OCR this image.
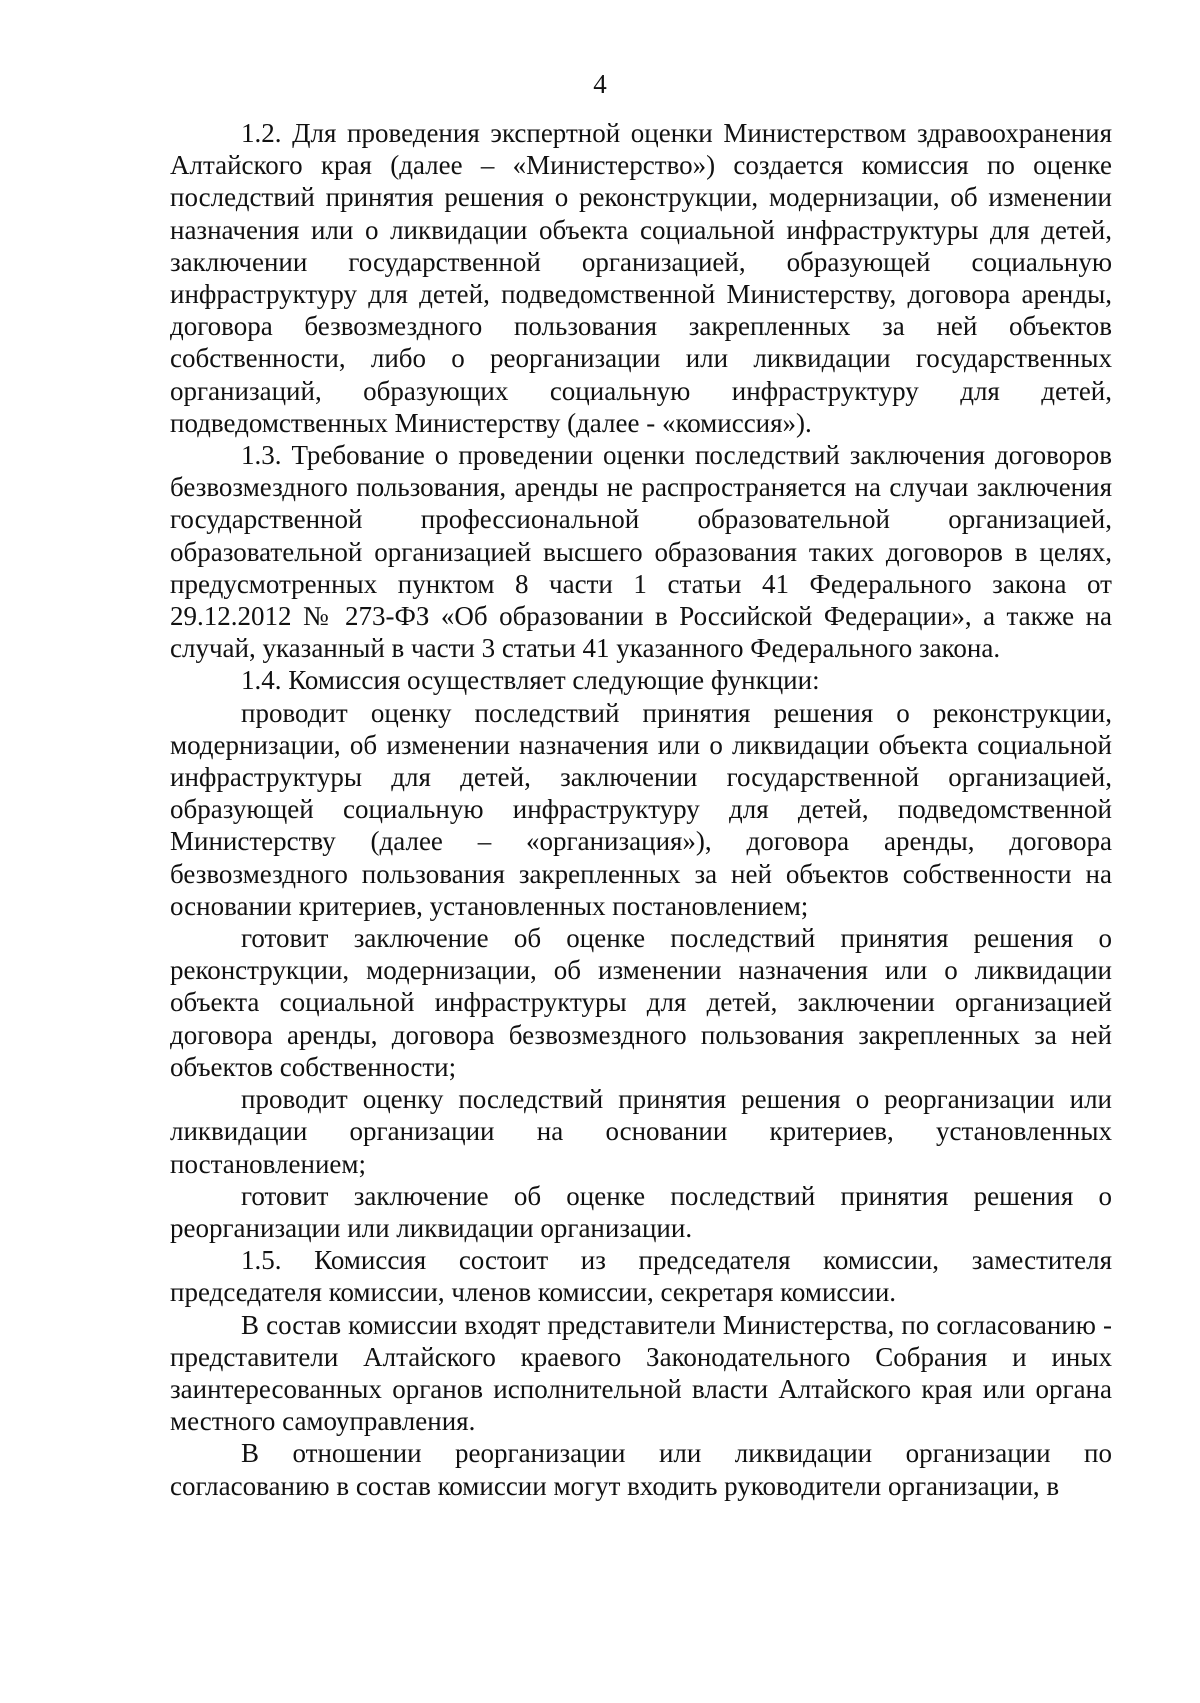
4

1.2. Для проведения экспертной оценки Министерством здравоохранения Алтайского края (далее – «Министерство») создается комиссия по оценке последствий принятия решения о реконструкции, модернизации, об изменении назначения или о ликвидации объекта социальной инфраструктуры для детей, заключении государственной организацией, образующей социальную инфраструктуру для детей, подведомственной Министерству, договора аренды, договора безвозмездного пользования закрепленных за ней объектов собственности, либо о реорганизации или ликвидации государственных организаций, образующих социальную инфраструктуру для детей, подведомственных Министерству (далее - «комиссия»).

1.3. Требование о проведении оценки последствий заключения договоров безвозмездного пользования, аренды не распространяется на случаи заключения государственной профессиональной образовательной организацией, образовательной организацией высшего образования таких договоров в целях, предусмотренных пунктом 8 части 1 статьи 41 Федерального закона от 29.12.2012 № 273-ФЗ «Об образовании в Российской Федерации», а также на случай, указанный в части 3 статьи 41 указанного Федерального закона.

1.4. Комиссия осуществляет следующие функции:

проводит оценку последствий принятия решения о реконструкции, модернизации, об изменении назначения или о ликвидации объекта социальной инфраструктуры для детей, заключении государственной организацией, образующей социальную инфраструктуру для детей, подведомственной Министерству (далее – «организация»), договора аренды, договора безвозмездного пользования закрепленных за ней объектов собственности на основании критериев, установленных постановлением;

готовит заключение об оценке последствий принятия решения о реконструкции, модернизации, об изменении назначения или о ликвидации объекта социальной инфраструктуры для детей, заключении организацией договора аренды, договора безвозмездного пользования закрепленных за ней объектов собственности;

проводит оценку последствий принятия решения о реорганизации или ликвидации организации на основании критериев, установленных постановлением;

готовит заключение об оценке последствий принятия решения о реорганизации или ликвидации организации.

1.5. Комиссия состоит из председателя комиссии, заместителя председателя комиссии, членов комиссии, секретаря комиссии.

В состав комиссии входят представители Министерства, по согласованию - представители Алтайского краевого Законодательного Собрания и иных заинтересованных органов исполнительной власти Алтайского края или органа местного самоуправления.

В отношении реорганизации или ликвидации организации по согласованию в состав комиссии могут входить руководители организации, в
